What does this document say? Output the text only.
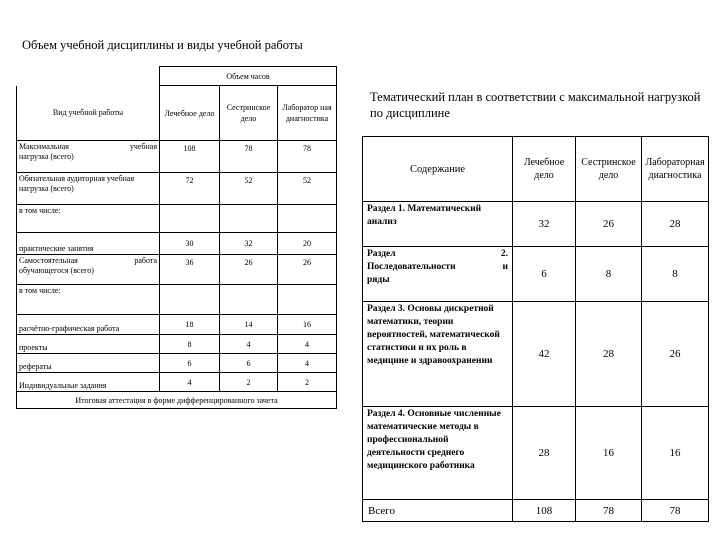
Объем учебной дисциплины и виды учебной работы
	Объем часов		
Вид учебной работы	Лечебное дело	Сестринское дело	Лаборатор ная диагностика

Максимальная учебная
нагрузка (всего)	108	78	78
Обязательная аудиторная учебная нагрузка (всего)	72	52	52
в том числе:			
практические занятия	30	32	20

Самостоятельная работа
обучающегося (всего)	36	26	26
в том числе:			
расчётно-графическая работа	18	14	16
проекты	8	4	4
рефераты	6	6	4
Индивидуальные задания	4	2	2
Итоговая аттестация в форме дифференцированного зачета			
Тематический план в соответствии с максимальной нагрузкой по дисциплине
Содержание	Лечебное дело	Сестринское дело	Лабораторная диагностика
Раздел 1. Математический анализ	32	26	28

Раздел 2.
Последовательности и
ряды	6	8	8
Раздел 3. Основы дискретной математики, теории вероятностей, математической статистики и их роль в медицине и здравоохранении	42	28	26
Раздел 4. Основные численные математические методы в профессиональной деятельности среднего медицинского работника	28	16	16
Всего	108	78	78
